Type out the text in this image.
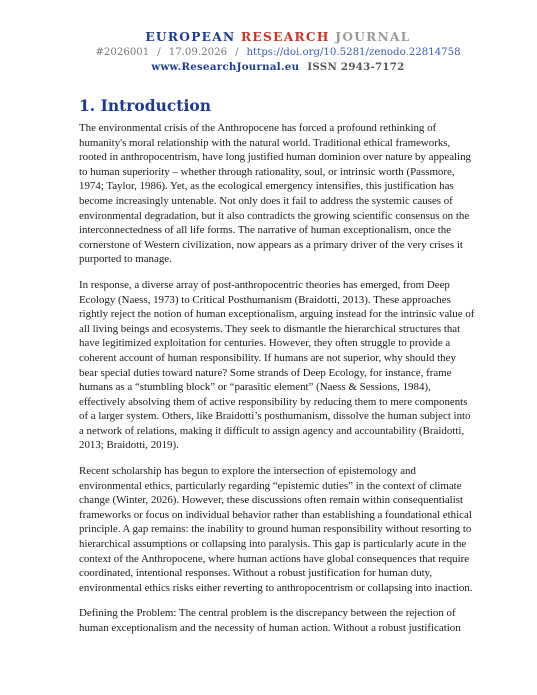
EUROPEAN RESEARCH JOURNAL
#2026001 / 17.09.2026 / https://doi.org/10.5281/zenodo.22814758
www.ResearchJournal.eu ISSN 2943-7172
1. Introduction

The environmental crisis of the Anthropocene has forced a profound rethinking of humanity's moral relationship with the natural world. Traditional ethical frameworks, rooted in anthropocentrism, have long justified human dominion over nature by appealing to human superiority – whether through rationality, soul, or intrinsic worth (Passmore, 1974; Taylor, 1986). Yet, as the ecological emergency intensifies, this justification has become increasingly untenable. Not only does it fail to address the systemic causes of environmental degradation, but it also contradicts the growing scientific consensus on the interconnectedness of all life forms. The narrative of human exceptionalism, once the cornerstone of Western civilization, now appears as a primary driver of the very crises it purported to manage.

In response, a diverse array of post-anthropocentric theories has emerged, from Deep Ecology (Naess, 1973) to Critical Posthumanism (Braidotti, 2013). These approaches rightly reject the notion of human exceptionalism, arguing instead for the intrinsic value of all living beings and ecosystems. They seek to dismantle the hierarchical structures that have legitimized exploitation for centuries. However, they often struggle to provide a coherent account of human responsibility. If humans are not superior, why should they bear special duties toward nature? Some strands of Deep Ecology, for instance, frame humans as a “stumbling block” or “parasitic element” (Naess & Sessions, 1984), effectively absolving them of active responsibility by reducing them to mere components of a larger system. Others, like Braidotti’s posthumanism, dissolve the human subject into a network of relations, making it difficult to assign agency and accountability (Braidotti, 2013; Braidotti, 2019).

Recent scholarship has begun to explore the intersection of epistemology and environmental ethics, particularly regarding “epistemic duties” in the context of climate change (Winter, 2026). However, these discussions often remain within consequentialist frameworks or focus on individual behavior rather than establishing a foundational ethical principle. A gap remains: the inability to ground human responsibility without resorting to hierarchical assumptions or collapsing into paralysis. This gap is particularly acute in the context of the Anthropocene, where human actions have global consequences that require coordinated, intentional responses. Without a robust justification for human duty, environmental ethics risks either reverting to anthropocentrism or collapsing into inaction.

Defining the Problem: The central problem is the discrepancy between the rejection of human exceptionalism and the necessity of human action. Without a robust justification
